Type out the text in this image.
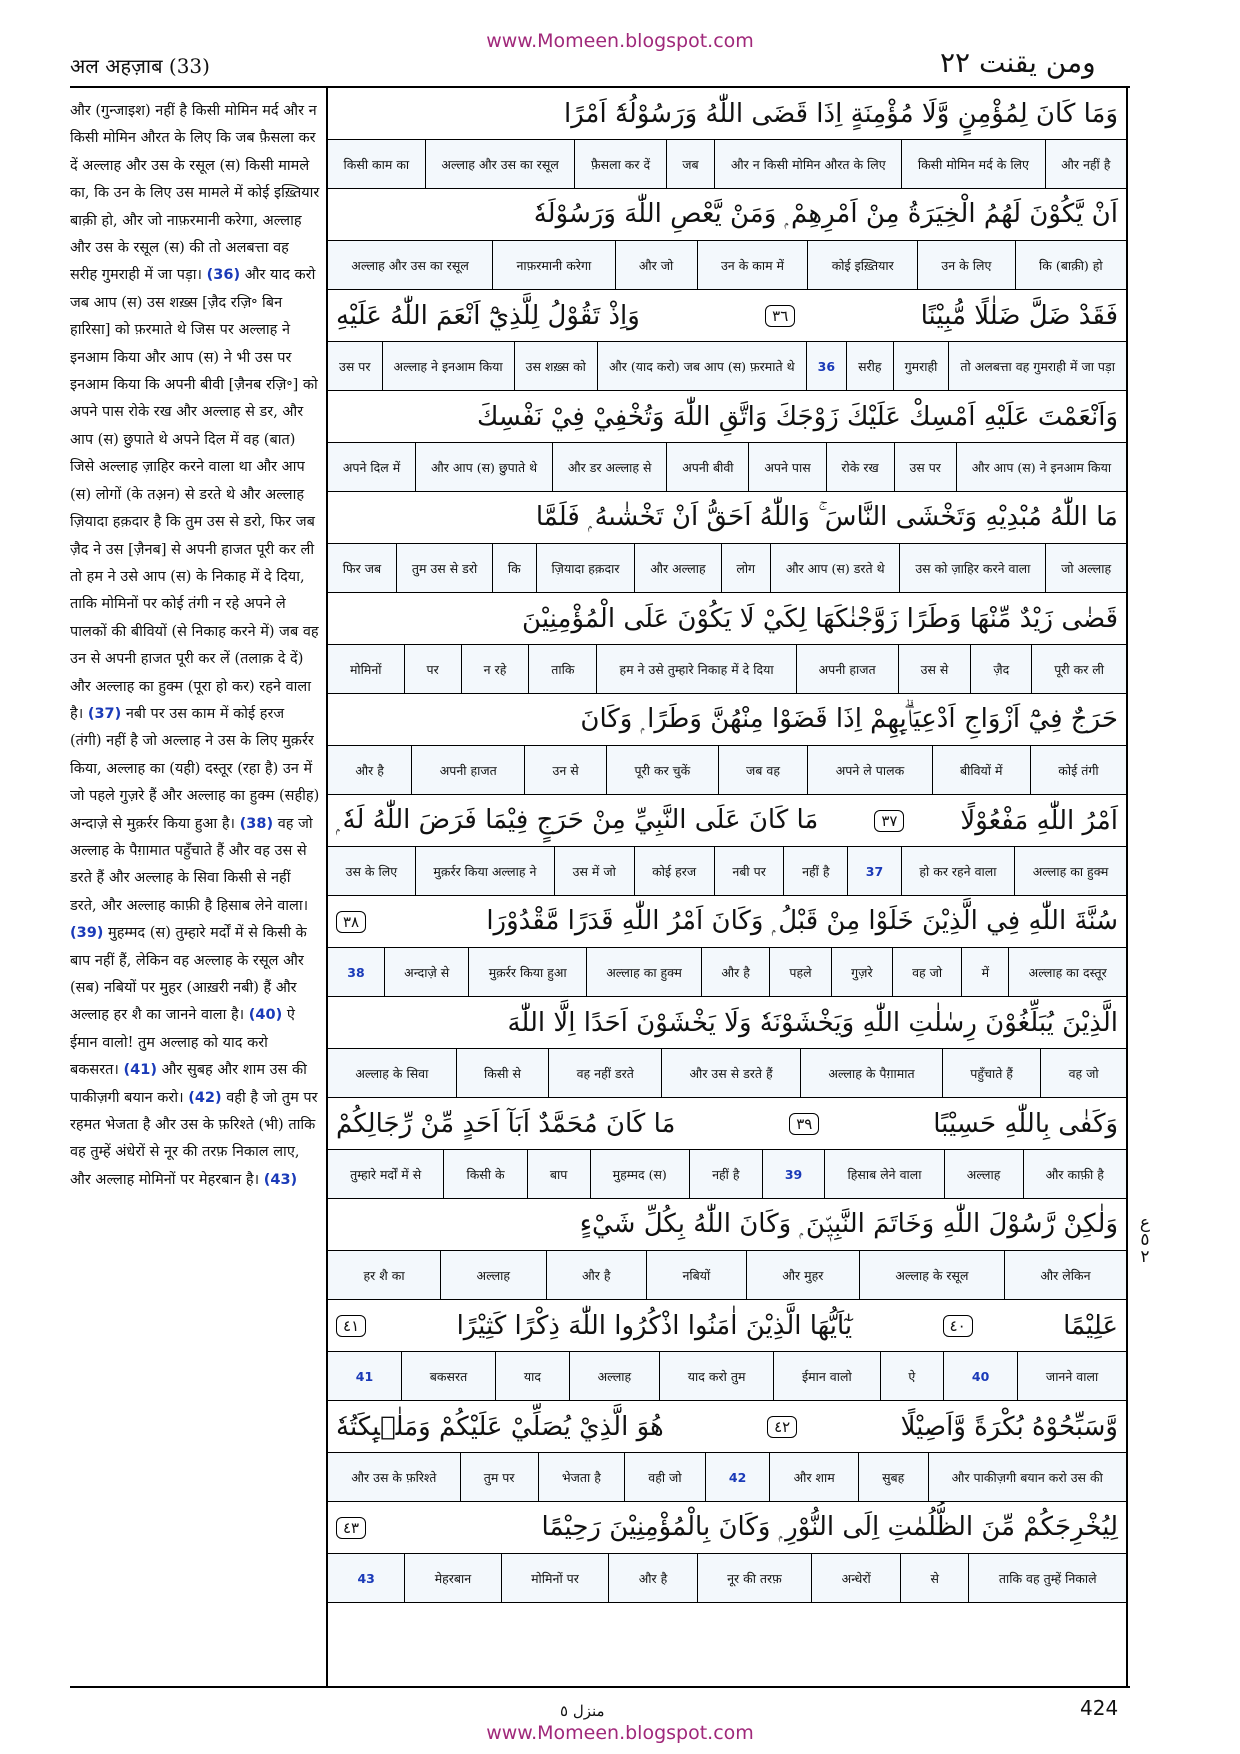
www.Momeen.blogspot.com
अल अहज़ाब (33)	ومن يقنت ٢٢
और (गुन्जाइश) नहीं है किसी मोमिन मर्द और न किसी मोमिन औरत के लिए कि जब फ़ैसला कर दें अल्लाह और उस के रसूल (स) किसी मामले का, कि उन के लिए उस मामले में कोई इख़्तियार बाक़ी हो, और जो नाफ़रमानी करेगा, अल्लाह और उस के रसूल (स) की तो अलबत्ता वह सरीह गुमराही में जा पड़ा। (36) और याद करो जब आप (स) उस शख़्स [ज़ैद रज़ि॰ बिन हारिसा] को फ़रमाते थे जिस पर अल्लाह ने इनआम किया और आप (स) ने भी उस पर इनआम किया कि अपनी बीवी [ज़ैनब रज़ि॰] को अपने पास रोके रख और अल्लाह से डर, और आप (स) छुपाते थे अपने दिल में वह (बात) जिसे अल्लाह ज़ाहिर करने वाला था और आप (स) लोगों (के तअ़न) से डरते थे और अल्लाह ज़ियादा हक़दार है कि तुम उस से डरो, फिर जब ज़ैद ने उस [ज़ैनब] से अपनी हाजत पूरी कर ली तो हम ने उसे आप (स) के निकाह में दे दिया, ताकि मोमिनों पर कोई तंगी न रहे अपने ले पालकों की बीवियों (से निकाह करने में) जब वह उन से अपनी हाजत पूरी कर लें (तलाक़ दे दें) और अल्लाह का हुक्म (पूरा हो कर) रहने वाला है। (37) नबी पर उस काम में कोई हरज (तंगी) नहीं है जो अल्लाह ने उस के लिए मुक़र्रर किया, अल्लाह का (यही) दस्तूर (रहा है) उन में जो पहले गुज़रे हैं और अल्लाह का हुक्म (सहीह) अन्दाज़े से मुक़र्रर किया हुआ है। (38) वह जो अल्लाह के पैग़ामात पहुँचाते हैं और वह उस से डरते हैं और अल्लाह के सिवा किसी से नहीं डरते, और अल्लाह काफ़ी है हिसाब लेने वाला। (39) मुहम्मद (स) तुम्हारे मर्दों में से किसी के बाप नहीं हैं, लेकिन वह अल्लाह के रसूल और (सब) नबियों पर मुहर (आख़री नबी) हैं और अल्लाह हर शै का जानने वाला है। (40) ऐ ईमान वालो! तुम अल्लाह को याद करो बकसरत। (41) और सुबह और शाम उस की पाकीज़गी बयान करो। (42) वही है जो तुम पर रहमत भेजता है और उस के फ़रिश्ते (भी) ताकि वह तुम्हें अंधेरों से नूर की तरफ़ निकाल लाए, और अल्लाह मोमिनों पर मेहरबान है। (43)
وَمَا كَانَ لِمُؤْمِنٍ وَّلَا مُؤْمِنَةٍ اِذَا قَضَى اللّٰهُ وَرَسُوْلُهٗٓ اَمْرًا
और नहीं है
किसी मोमिन मर्द के लिए
और न किसी मोमिन औरत के लिए
जब
फ़ैसला कर दें
अल्लाह और उस का रसूल
किसी काम का
اَنْ يَّكُوْنَ لَهُمُ الْخِيَرَةُ مِنْ اَمْرِهِمْ ۭ وَمَنْ يَّعْصِ اللّٰهَ وَرَسُوْلَهٗ
कि (बाक़ी) हो
उन के लिए
कोई इख़्तियार
उन के काम में
और जो
नाफ़रमानी करेगा
अल्लाह और उस का रसूल
فَقَدْ ضَلَّ ضَلٰلًا مُّبِيْنًا
٣٦
وَاِذْ تَقُوْلُ لِلَّذِيْٓ اَنْعَمَ اللّٰهُ عَلَيْهِ
तो अलबत्ता वह गुमराही में जा पड़ा
गुमराही
सरीह
36
और (याद करो) जब आप (स) फ़रमाते थे
उस शख़्स को
अल्लाह ने इनआम किया
उस पर
وَاَنْعَمْتَ عَلَيْهِ اَمْسِكْ عَلَيْكَ زَوْجَكَ وَاتَّقِ اللّٰهَ وَتُخْفِيْ فِيْ نَفْسِكَ
और आप (स) ने इनआम किया
उस पर
रोके रख
अपने पास
अपनी बीवी
और डर अल्लाह से
और आप (स) छुपाते थे
अपने दिल में
مَا اللّٰهُ مُبْدِيْهِ وَتَخْشَى النَّاسَ ۚ وَاللّٰهُ اَحَقُّ اَنْ تَخْشٰىهُ ۭ فَلَمَّا
जो अल्लाह
उस को ज़ाहिर करने वाला
और आप (स) डरते थे
लोग
और अल्लाह
ज़ियादा हक़दार
कि
तुम उस से डरो
फिर जब
قَضٰى زَيْدٌ مِّنْهَا وَطَرًا زَوَّجْنٰكَهَا لِكَيْ لَا يَكُوْنَ عَلَى الْمُؤْمِنِيْنَ
पूरी कर ली
ज़ैद
उस से
अपनी हाजत
हम ने उसे तुम्हारे निकाह में दे दिया
ताकि
न रहे
पर
मोमिनों
حَرَجٌ فِيْٓ اَزْوَاجِ اَدْعِيَاۗىِٕهِمْ اِذَا قَضَوْا مِنْهُنَّ وَطَرًا ۭ وَكَانَ
कोई तंगी
बीवियों में
अपने ले पालक
जब वह
पूरी कर चुकें
उन से
अपनी हाजत
और है
اَمْرُ اللّٰهِ مَفْعُوْلًا
٣٧
مَا كَانَ عَلَى النَّبِيِّ مِنْ حَرَجٍ فِيْمَا فَرَضَ اللّٰهُ لَهٗ ۭ
अल्लाह का हुक्म
हो कर रहने वाला
37
नहीं है
नबी पर
कोई हरज
उस में जो
मुक़र्रर किया अल्लाह ने
उस के लिए
سُنَّةَ اللّٰهِ فِي الَّذِيْنَ خَلَوْا مِنْ قَبْلُ ۭ وَكَانَ اَمْرُ اللّٰهِ قَدَرًا مَّقْدُوْرَا
٣٨
अल्लाह का दस्तूर
में
वह जो
गुज़रे
पहले
और है
अल्लाह का हुक्म
मुक़र्रर किया हुआ
अन्दाज़े से
38
الَّذِيْنَ يُبَلِّغُوْنَ رِسٰلٰتِ اللّٰهِ وَيَخْشَوْنَهٗ وَلَا يَخْشَوْنَ اَحَدًا اِلَّا اللّٰهَ
वह जो
पहुँचाते हैं
अल्लाह के पैग़ामात
और उस से डरते हैं
वह नहीं डरते
किसी से
अल्लाह के सिवा
وَكَفٰى بِاللّٰهِ حَسِيْبًا
٣٩
مَا كَانَ مُحَمَّدٌ اَبَآ اَحَدٍ مِّنْ رِّجَالِكُمْ
और काफ़ी है
अल्लाह
हिसाब लेने वाला
39
नहीं है
मुहम्मद (स)
बाप
किसी के
तुम्हारे मर्दों में से
وَلٰكِنْ رَّسُوْلَ اللّٰهِ وَخَاتَمَ النَّبِيّٖنَ ۭ وَكَانَ اللّٰهُ بِكُلِّ شَيْءٍ
और लेकिन
अल्लाह के रसूल
और मुहर
नबियों
और है
अल्लाह
हर शै का
عَلِيْمًا
٤٠
يٰٓاَيُّهَا الَّذِيْنَ اٰمَنُوا اذْكُرُوا اللّٰهَ ذِكْرًا كَثِيْرًا
٤١
जानने वाला
40
ऐ
ईमान वालो
याद करो तुम
अल्लाह
याद
बकसरत
41
وَّسَبِّحُوْهُ بُكْرَةً وَّاَصِيْلًا
٤٢
هُوَ الَّذِيْ يُصَلِّيْ عَلَيْكُمْ وَمَلٰۗىِٕكَتُهٗ
और पाकीज़गी बयान करो उस की
सुबह
और शाम
42
वही जो
भेजता है
तुम पर
और उस के फ़रिश्ते
لِيُخْرِجَكُمْ مِّنَ الظُّلُمٰتِ اِلَى النُّوْرِ ۭ وَكَانَ بِالْمُؤْمِنِيْنَ رَحِيْمًا
٤٣
ताकि वह तुम्हें निकाले
से
अन्धेरों
नूर की तरफ़
और है
मोमिनों पर
मेहरबान
43
ع
٥
٢
منزل ٥	424
www.Momeen.blogspot.com
